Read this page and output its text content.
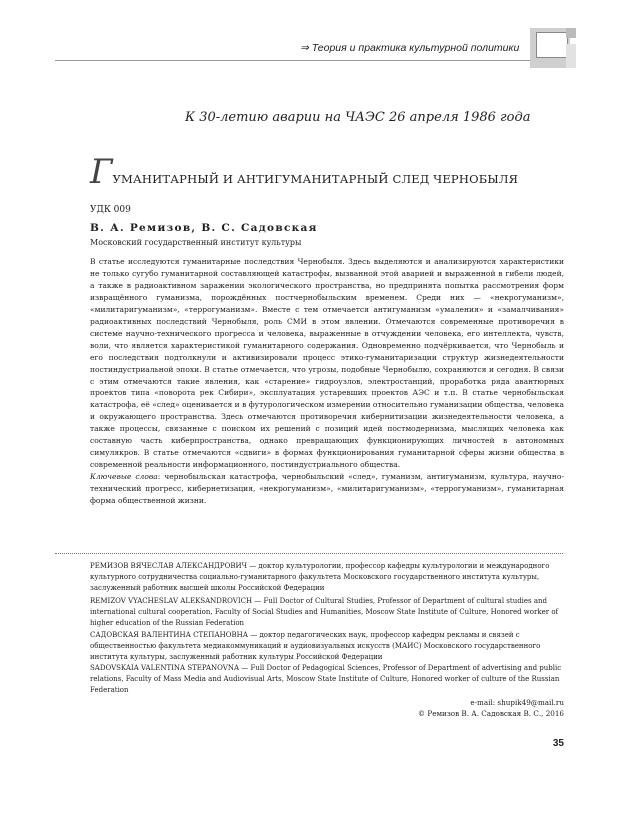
⇒ Теория и практика культурной политики
К 30-летию аварии на ЧАЭС 26 апреля 1986 года
ГУМАНИТАРНЫЙ И АНТИГУМАНИТАРНЫЙ СЛЕД ЧЕРНОБЫЛЯ
УДК 009
В. А. Ремизов, В. С. Садовская
Московский государственный институт культуры

В статье исследуются гуманитарные последствия Чернобыля. Здесь выделяются и анализируются характеристики не только сугубо гуманитарной составляющей катастрофы, вызванной этой аварией и выраженной в гибели людей, а также в радиоактивном заражении экологического пространства, но предпринята попытка рассмотрения форм извращённого гуманизма, порождённых постчернобыльским временем. Среди них — «некрогуманизм», «милитаригуманизм», «террогуманизм». Вместе с тем отмечается антигуманизм «умаления» и «замалчивания» радиоактивных последствий Чернобыля, роль СМИ в этом явлении. Отмечаются современные противоречия в системе научно-технического прогресса и человека, выраженные в отчуждении человека, его интеллекта, чувств, воли, что является характеристикой гуманитарного содержания. Одновременно подчёркивается, что Чернобыль и его последствия подтолкнули и активизировали процесс этико-гуманитаризации структур жизнедеятельности постиндустриальной эпохи. В статье отмечается, что угрозы, подобные Чернобылю, сохраняются и сегодня. В связи с этим отмечаются такие явления, как «старение» гидроузлов, электростанций, проработка ряда авантюрных проектов типа «поворота рек Сибири», эксплуатация устаревших проектов АЭС и т.п. В статье чернобыльская катастрофа, её «след» оценивается и в футурологическом измерении относительно гуманизации общества, человека и окружающего пространства. Здесь отмечаются противоречия кибернитизации жизнедеятельности человека, а также процессы, связанные с поиском их решений с позиций идей постмодернизма, мыслящих человека как составную часть киберпространства, однако превращающих функционирующих личностей в автономных симулякров. В статье отмечаются «сдвиги» в формах функционирования гуманитарной сферы жизни общества в современной реальности информационного, постиндустриального общества.

Ключевые слова: чернобыльская катастрофа, чернобыльский «след», гуманизм, антигуманизм, культура, научно-технический прогресс, кибернетизация, «некрогуманизм», «милитаригуманизм», «террогуманизм», гуманитарная форма общественной жизни.

РЕМИЗОВ ВЯЧЕСЛАВ АЛЕКСАНДРОВИЧ — доктор культурологии, профессор кафедры культурологии и международного культурного сотрудничества социально-гуманитарного факультета Московского государственного института культуры, заслуженный работник высшей школы Российской Федерации
REMIZOV VYACHESLAV ALEKSANDROVICH — Full Doctor of Cultural Studies, Professor of Department of cultural studies and international cultural cooperation, Faculty of Social Studies and Humanities, Moscow State Institute of Culture, Honored worker of higher education of the Russian Federation
САДОВСКАЯ ВАЛЕНТИНА СТЕПАНОВНА — доктор педагогических наук, профессор кафедры рекламы и связей с общественностью факультета медиакоммуникаций и аудиовизуальных искусств (МАИС) Московского государственного института культуры, заслуженный работник культуры Российской Федерации
SADOVSKAIA VALENTINA STEPANOVNA — Full Doctor of Pedagogical Sciences, Professor of Department of advertising and public relations, Faculty of Mass Media and Audiovisual Arts, Moscow State Institute of Culture, Honored worker of culture of the Russian Federation
e-mail: shupik49@mail.ru
© Ремизов В. А. Садовская В. С., 2016
35
